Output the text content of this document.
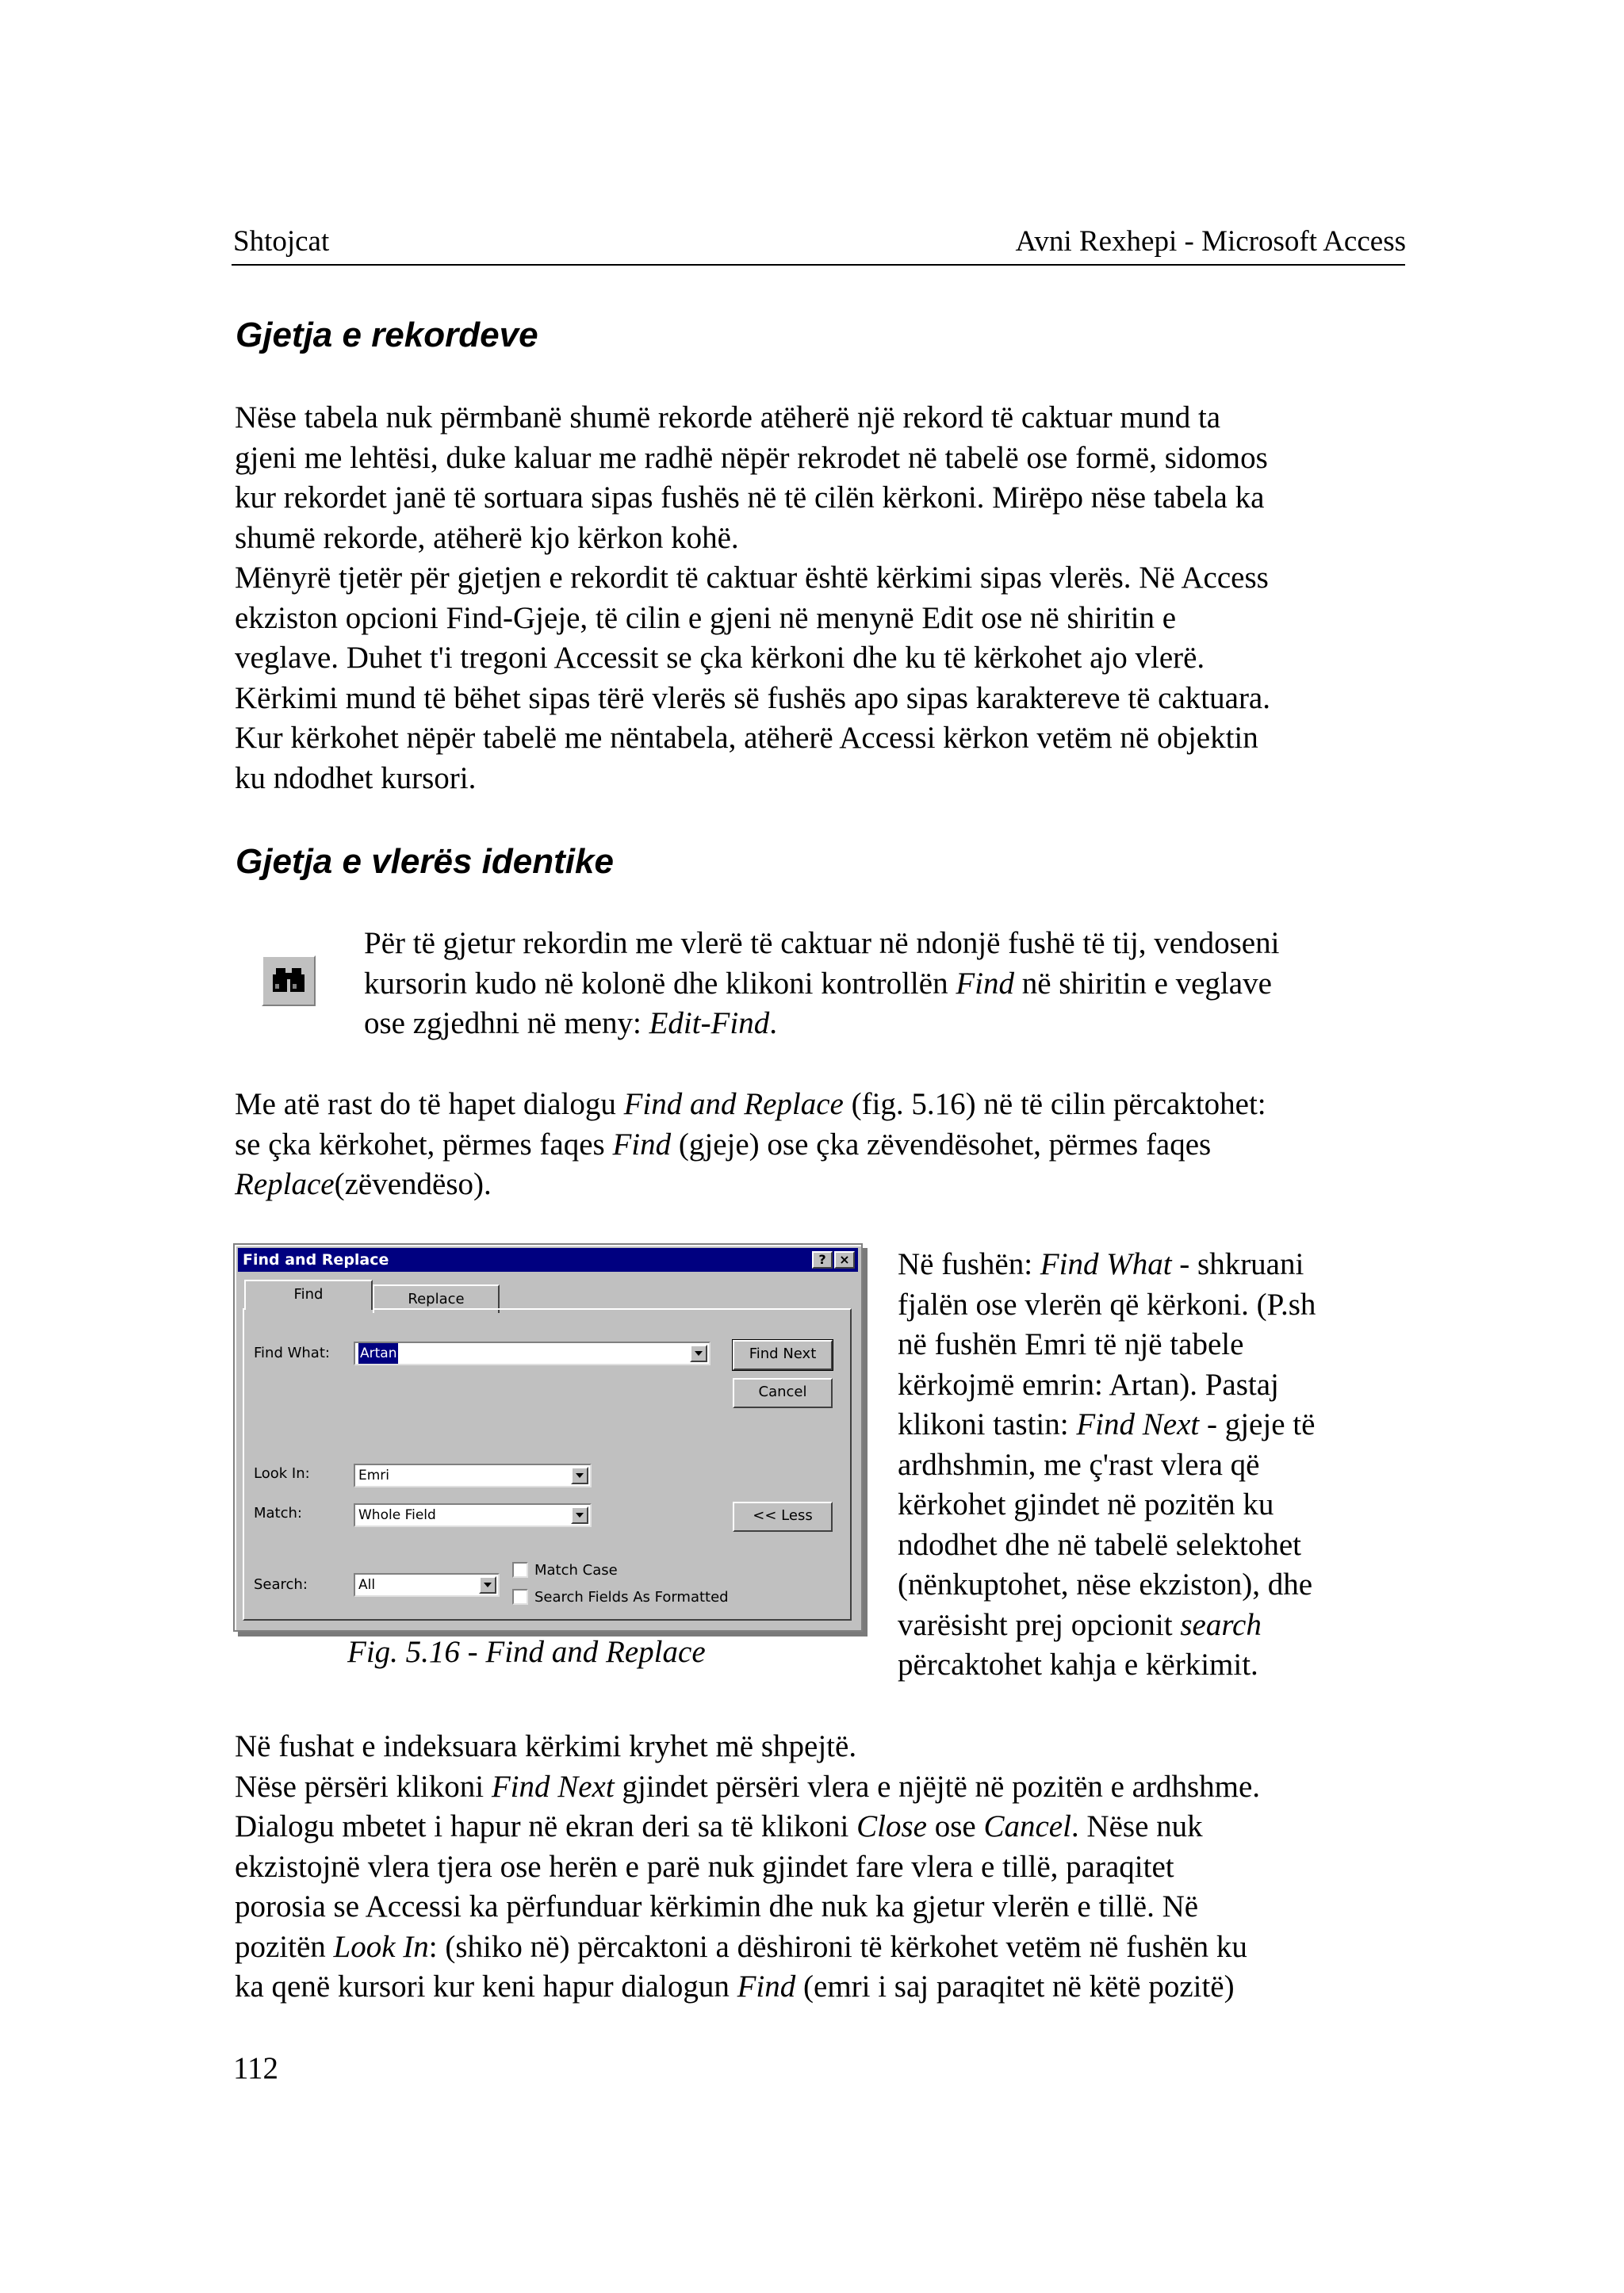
Shtojcat	Avni Rexhepi - Microsoft Access
Gjetja e rekordeve

Nëse tabela nuk përmbanë shumë rekorde atëherë një rekord të caktuar mund ta

gjeni me lehtësi, duke kaluar me radhë nëpër rekrodet në tabelë ose formë, sidomos

kur rekordet janë të sortuara sipas fushës në të cilën kërkoni. Mirëpo nëse tabela ka

shumë rekorde, atëherë kjo kërkon kohë.

Mënyrë tjetër për gjetjen e rekordit të caktuar është kërkimi sipas vlerës. Në Access

ekziston opcioni Find-Gjeje, të cilin e gjeni në menynë Edit ose në shiritin e

veglave. Duhet t'i tregoni Accessit se çka kërkoni dhe ku të kërkohet ajo vlerë.

Kërkimi mund të bëhet sipas tërë vlerës së fushës apo sipas karaktereve të caktuara.

Kur kërkohet nëpër tabelë me nëntabela, atëherë Accessi kërkon vetëm në objektin

ku ndodhet kursori.

Gjetja e vlerës identike

Për të gjetur rekordin me vlerë të caktuar në ndonjë fushë të tij, vendoseni

kursorin kudo në kolonë dhe klikoni kontrollën Find në shiritin e veglave

ose zgjedhni në meny: Edit-Find.

Me atë rast do të hapet dialogu Find and Replace (fig. 5.16) në të cilin përcaktohet:

se çka kërkohet, përmes faqes Find (gjeje) ose çka zëvendësohet, përmes faqes

Replace(zëvendëso).

Find and Replace	?	×
Find	Replace
Find What: Artan	Find Next
Cancel
Look In:	Emri
Match:	Whole Field	<< Less
Search:	All
Match Case
Search Fields As Formatted
Fig. 5.16 - Find and Replace

Në fushën: Find What - shkruani

fjalën ose vlerën që kërkoni. (P.sh

në fushën Emri të një tabele

kërkojmë emrin: Artan). Pastaj

klikoni tastin: Find Next - gjeje të

ardhshmin, me ç'rast vlera që

kërkohet gjindet në pozitën ku

ndodhet dhe në tabelë selektohet

(nënkuptohet, nëse ekziston), dhe

varësisht prej opcionit search

përcaktohet kahja e kërkimit.

Në fushat e indeksuara kërkimi kryhet më shpejtë.

Nëse përsëri klikoni Find Next gjindet përsëri vlera e njëjtë në pozitën e ardhshme.

Dialogu mbetet i hapur në ekran deri sa të klikoni Close ose Cancel. Nëse nuk

ekzistojnë vlera tjera ose herën e parë nuk gjindet fare vlera e tillë, paraqitet

porosia se Accessi ka përfunduar kërkimin dhe nuk ka gjetur vlerën e tillë. Në

pozitën Look In: (shiko në) përcaktoni a dëshironi të kërkohet vetëm në fushën ku

ka qenë kursori kur keni hapur dialogun Find (emri i saj paraqitet në këtë pozitë)

112
